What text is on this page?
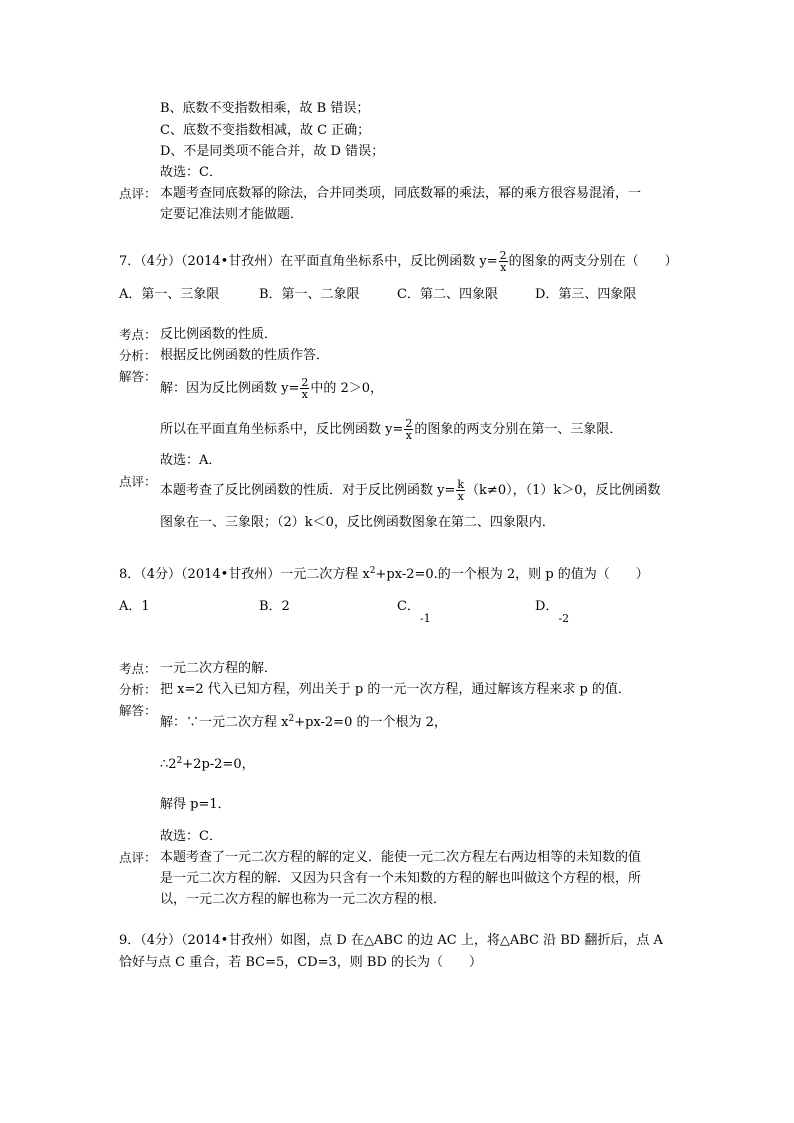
B、底数不变指数相乘，故 B 错误；
C、底数不变指数相减，故 C 正确；
D、不是同类项不能合并，故 D 错误；
故选：C．
点评： 本题考查同底数幂的除法，合并同类项，同底数幂的乘法，幂的乘方很容易混淆，一
定要记准法则才能做题．
7．（4分）（2014•甘孜州）在平面直角坐标系中，反比例函数 $y= \frac{2}{x}$ 的图象的两支分别在（　　）
A．第一、三象限	B．第一、二象限	C．第二、四象限	D．第三、四象限
考点： 反比例函数的性质．
分析： 根据反比例函数的性质作答．
解答：
解：因为反比例函数 $y= \frac{2}{x}$ 中的 2＞0，
所以在平面直角坐标系中，反比例函数 $y= \frac{2}{x}$ 的图象的两支分别在第一、三象限．
故选：A．
点评：
本题考查了反比例函数的性质．对于反比例函数 $y= \frac{k}{x} (k\ne 0)$，（1）k＞0，反比例函数
图象在一、三象限；（2）k＜0，反比例函数图象在第二、四象限内．
8．（4分）（2014•甘孜州）一元二次方程 $x^2+px-2=0$.的一个根为 2，则 p 的值为（　　）
A．1	B．2	C．$_{-1}$
D．$_{-2}$
考点： 一元二次方程的解．
分析： 把 x=2 代入已知方程，列出关于 p 的一元一次方程，通过解该方程来求 p 的值．
解答：
解：∵一元二次方程 $x^2+px-2=0$ 的一个根为 2，
$\therefore 2^2+2p-2=0$，
解得 p=1．
故选：C．
点评： 本题考查了一元二次方程的解的定义．能使一元二次方程左右两边相等的未知数的值
是一元二次方程的解．又因为只含有一个未知数的方程的解也叫做这个方程的根，所
以，一元二次方程的解也称为一元二次方程的根．
9．（4分）（2014•甘孜州）如图，点 D 在△ABC 的边 AC 上，将△ABC 沿 BD 翻折后，点 A
恰好与点 C 重合，若 BC=5，CD=3，则 BD 的长为（　　）
